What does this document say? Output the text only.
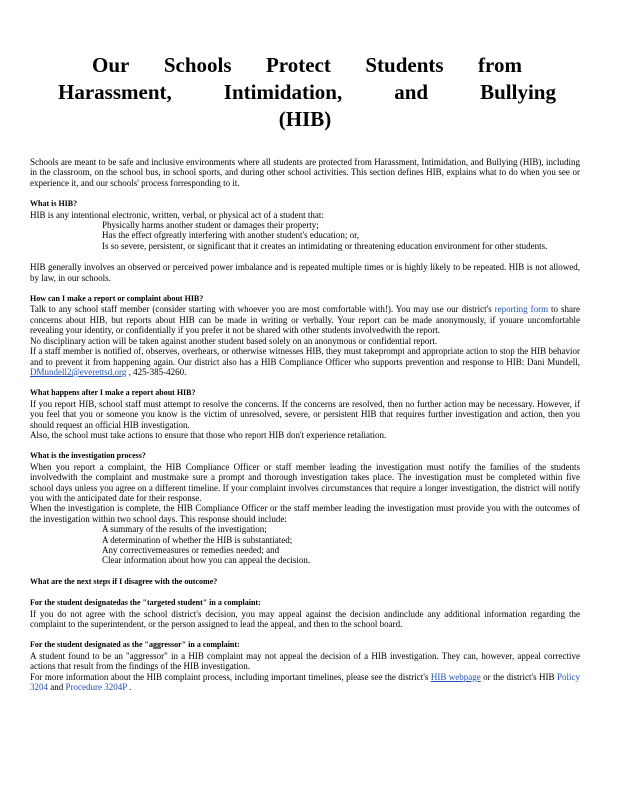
Our Schools Protect Students from
Harassment, Intimidation, and Bullying
(HIB)

Schools are meant to be safe and inclusive environments where all students are protected from Harassment, Intimidation, and Bullying (HIB), including in the classroom, on the school bus, in school sports, and during other school activities. This section defines HIB, explains what to do when you see or experience it, and our schools' process forresponding to it.

What is HIB?

HIB is any intentional electronic, written, verbal, or physical act of a student that:

Physically harms another student or damages their property;
Has the effect ofgreatly interfering with another student's education; or,
Is so severe, persistent, or significant that it creates an intimidating or threatening education environment for other students.

HIB generally involves an observed or perceived power imbalance and is repeated multiple times or is highly likely to be repeated. HIB is not allowed, by law, in our schools.

How can I make a report or complaint about HIB?

Talk to any school staff member (consider starting with whoever you are most comfortable with!). You may use our district's reporting form to share concerns about HIB, but reports about HIB can be made in writing or verbally. Your report can be made anonymously, if youare uncomfortable revealing your identity, or confidentially if you prefer it not be shared with other students involvedwith the report.

No disciplinary action will be taken against another student based solely on an anonymous or confidential report.

If a staff member is notified of, observes, overhears, or otherwise witnesses HIB, they must takeprompt and appropriate action to stop the HIB behavior and to prevent it from happening again. Our district also has a HIB Compliance Officer who supports prevention and response to HIB: Dani Mundell, DMundell2@everettsd.org , 425-385-4260.

What happens after I make a report about HIB?

If you report HIB, school staff must attempt to resolve the concerns. If the concerns are resolved, then no further action may be necessary. However, if you feel that you or someone you know is the victim of unresolved, severe, or persistent HIB that requires further investigation and action, then you should request an official HIB investigation.

Also, the school must take actions to ensure that those who report HIB don't experience retaliation.

What is the investigation process?

When you report a complaint, the HIB Compliance Officer or staff member leading the investigation must notify the families of the students involvedwith the complaint and mustmake sure a prompt and thorough investigation takes place. The investigation must be completed within five school days unless you agree on a different timeline. If your complaint involves circumstances that require a longer investigation, the district will notify you with the anticipated date for their response.

When the investigation is complete, the HIB Compliance Officer or the staff member leading the investigation must provide you with the outcomes of the investigation within two school days. This response should include:

A summary of the results of the investigation;
A determination of whether the HIB is substantiated;
Any correctivemeasures or remedies needed; and
Clear information about how you can appeal the decision.
What are the next steps if I disagree with the outcome?
For the student designatedas the "targeted student" in a complaint:

If you do not agree with the school district's decision, you may appeal against the decision andinclude any additional information regarding the complaint to the superintendent, or the person assigned to lead the appeal, and then to the school board.

For the student designated as the "aggressor" in a complaint:

A student found to be an "aggressor" in a HIB complaint may not appeal the decision of a HIB investigation. They can, however, appeal corrective actions that result from the findings of the HIB investigation.

For more information about the HIB complaint process, including important timelines, please see the district's HIB webpage or the district's HIB Policy 3204 and Procedure 3204P .
